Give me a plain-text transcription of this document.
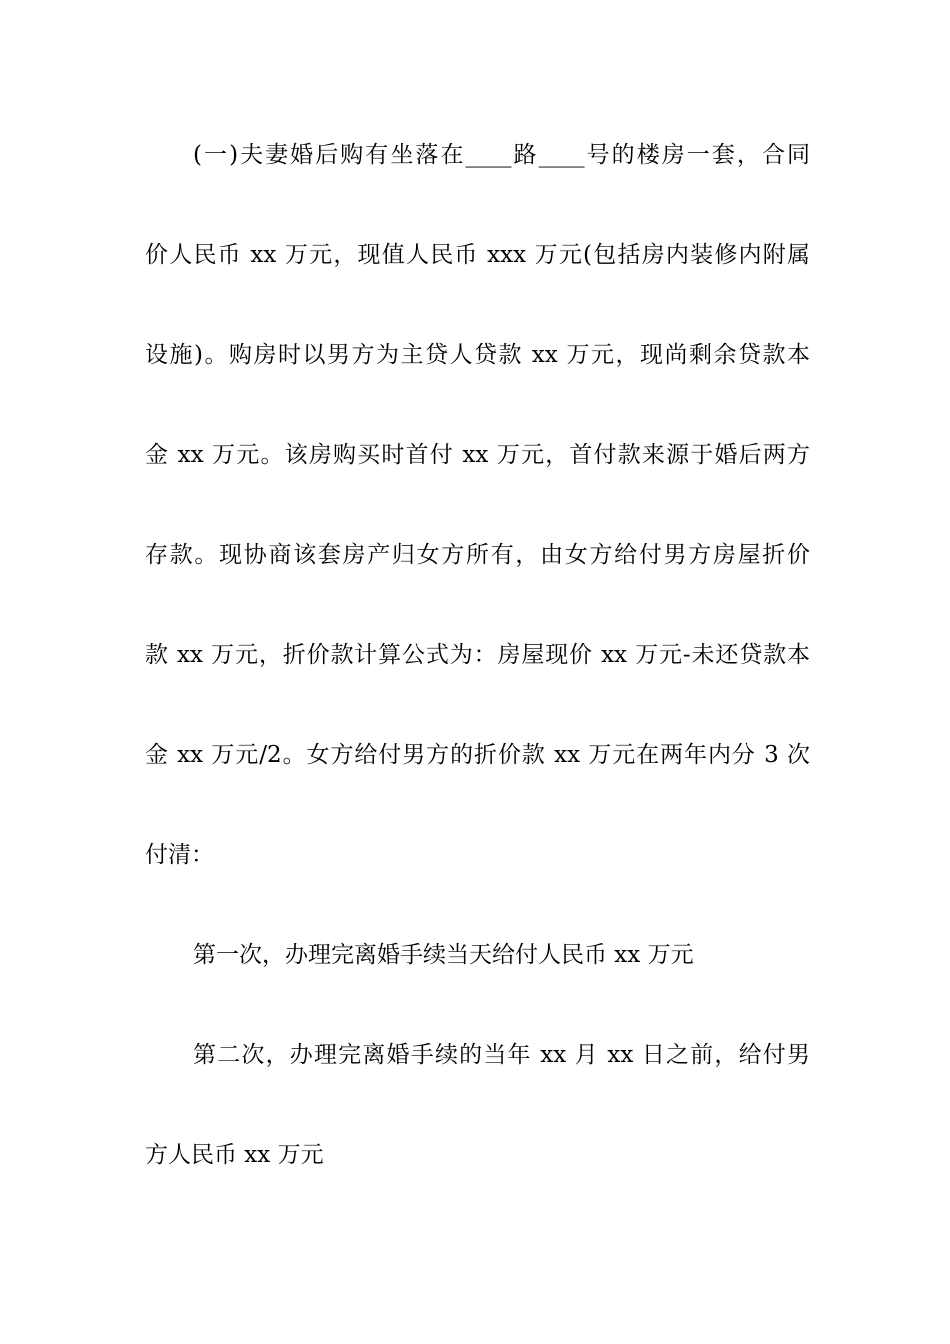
(一)夫妻婚后购有坐落在____路____号的楼房一套，合同
价人民币 xx 万元，现值人民币 xxx 万元(包括房内装修内附属
设施)。购房时以男方为主贷人贷款 xx 万元，现尚剩余贷款本
金 xx 万元。该房购买时首付 xx 万元，首付款来源于婚后两方
存款。现协商该套房产归女方所有，由女方给付男方房屋折价
款 xx 万元，折价款计算公式为：房屋现价 xx 万元-未还贷款本
金 xx 万元/2。女方给付男方的折价款 xx 万元在两年内分 3 次
付清：
第一次，办理完离婚手续当天给付人民币 xx 万元
第二次，办理完离婚手续的当年 xx 月 xx 日之前，给付男
方人民币 xx 万元
